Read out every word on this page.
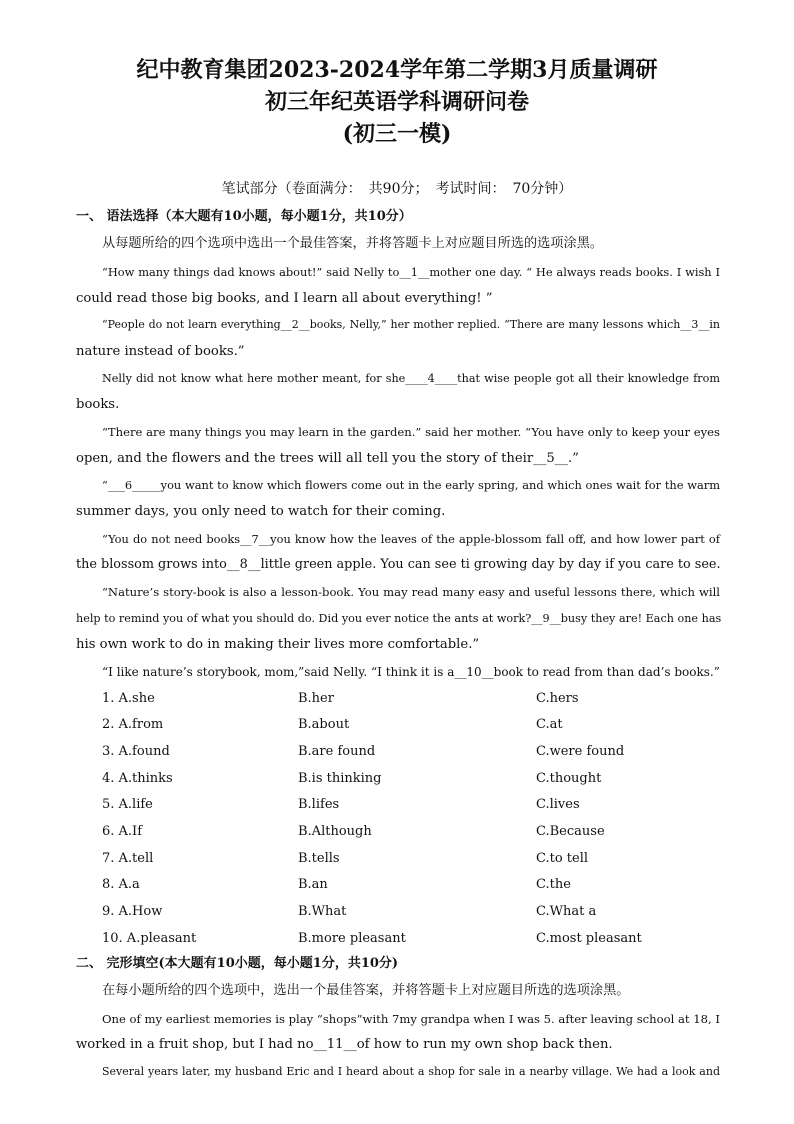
纪中教育集团2023-2024学年第二学期3月质量调研
初三年纪英语学科调研问卷
(初三一模)
笔试部分（卷面满分：　共90分；　考试时间：　70分钟）
一、 语法选择（本大题有10小题，每小题1分，共10分）
从每题所给的四个选项中选出一个最佳答案，并将答题卡上对应题目所选的选项涂黑。
“How many things dad knows about!” said Nelly to__1__mother one day. “ He always reads books. I wish I
could read those big books, and I learn all about everything! ”
“People do not learn everything__2__books, Nelly,” her mother replied. “There are many lessons which__3__in
nature instead of books.”
Nelly did not know what here mother meant, for she____4____that wise people got all their knowledge from
books.
“There are many things you may learn in the garden.” said her mother. “You have only to keep your eyes
open, and the flowers and the trees will all tell you the story of their__5__.”
“___6_____you want to know which flowers come out in the early spring, and which ones wait for the warm
summer days, you only need to watch for their coming.
“You do not need books__7__you know how the leaves of the apple-blossom fall off, and how lower part of
the blossom grows into__8__little green apple. You can see ti growing day by day if you care to see.
“Nature’s story-book is also a lesson-book. You may read many easy and useful lessons there, which will
help to remind you of what you should do. Did you ever notice the ants at work?__9__busy they are! Each one has
his own work to do in making their lives more comfortable.”
“I like nature’s storybook, mom,”said Nelly. “I think it is a__10__book to read from than dad’s books.”
1. A.she	B.her	C.hers
2. A.from	B.about	C.at
3. A.found	B.are found	C.were found
4. A.thinks	B.is thinking	C.thought
5. A.life	B.lifes	C.lives
6. A.If	B.Although	C.Because
7. A.tell	B.tells	C.to tell
8. A.a	B.an	C.the
9. A.How	B.What	C.What a
10. A.pleasant	B.more pleasant	C.most pleasant
二、 完形填空(本大题有10小题，每小题1分，共10分)
在每小题所给的四个选项中，选出一个最佳答案，并将答题卡上对应题目所选的选项涂黑。
One of my earliest memories is play “shops”with 7my grandpa when I was 5. after leaving school at 18, I
worked in a fruit shop, but I had no__11__of how to run my own shop back then.
Several years later, my husband Eric and I heard about a shop for sale in a nearby village. We had a look and
